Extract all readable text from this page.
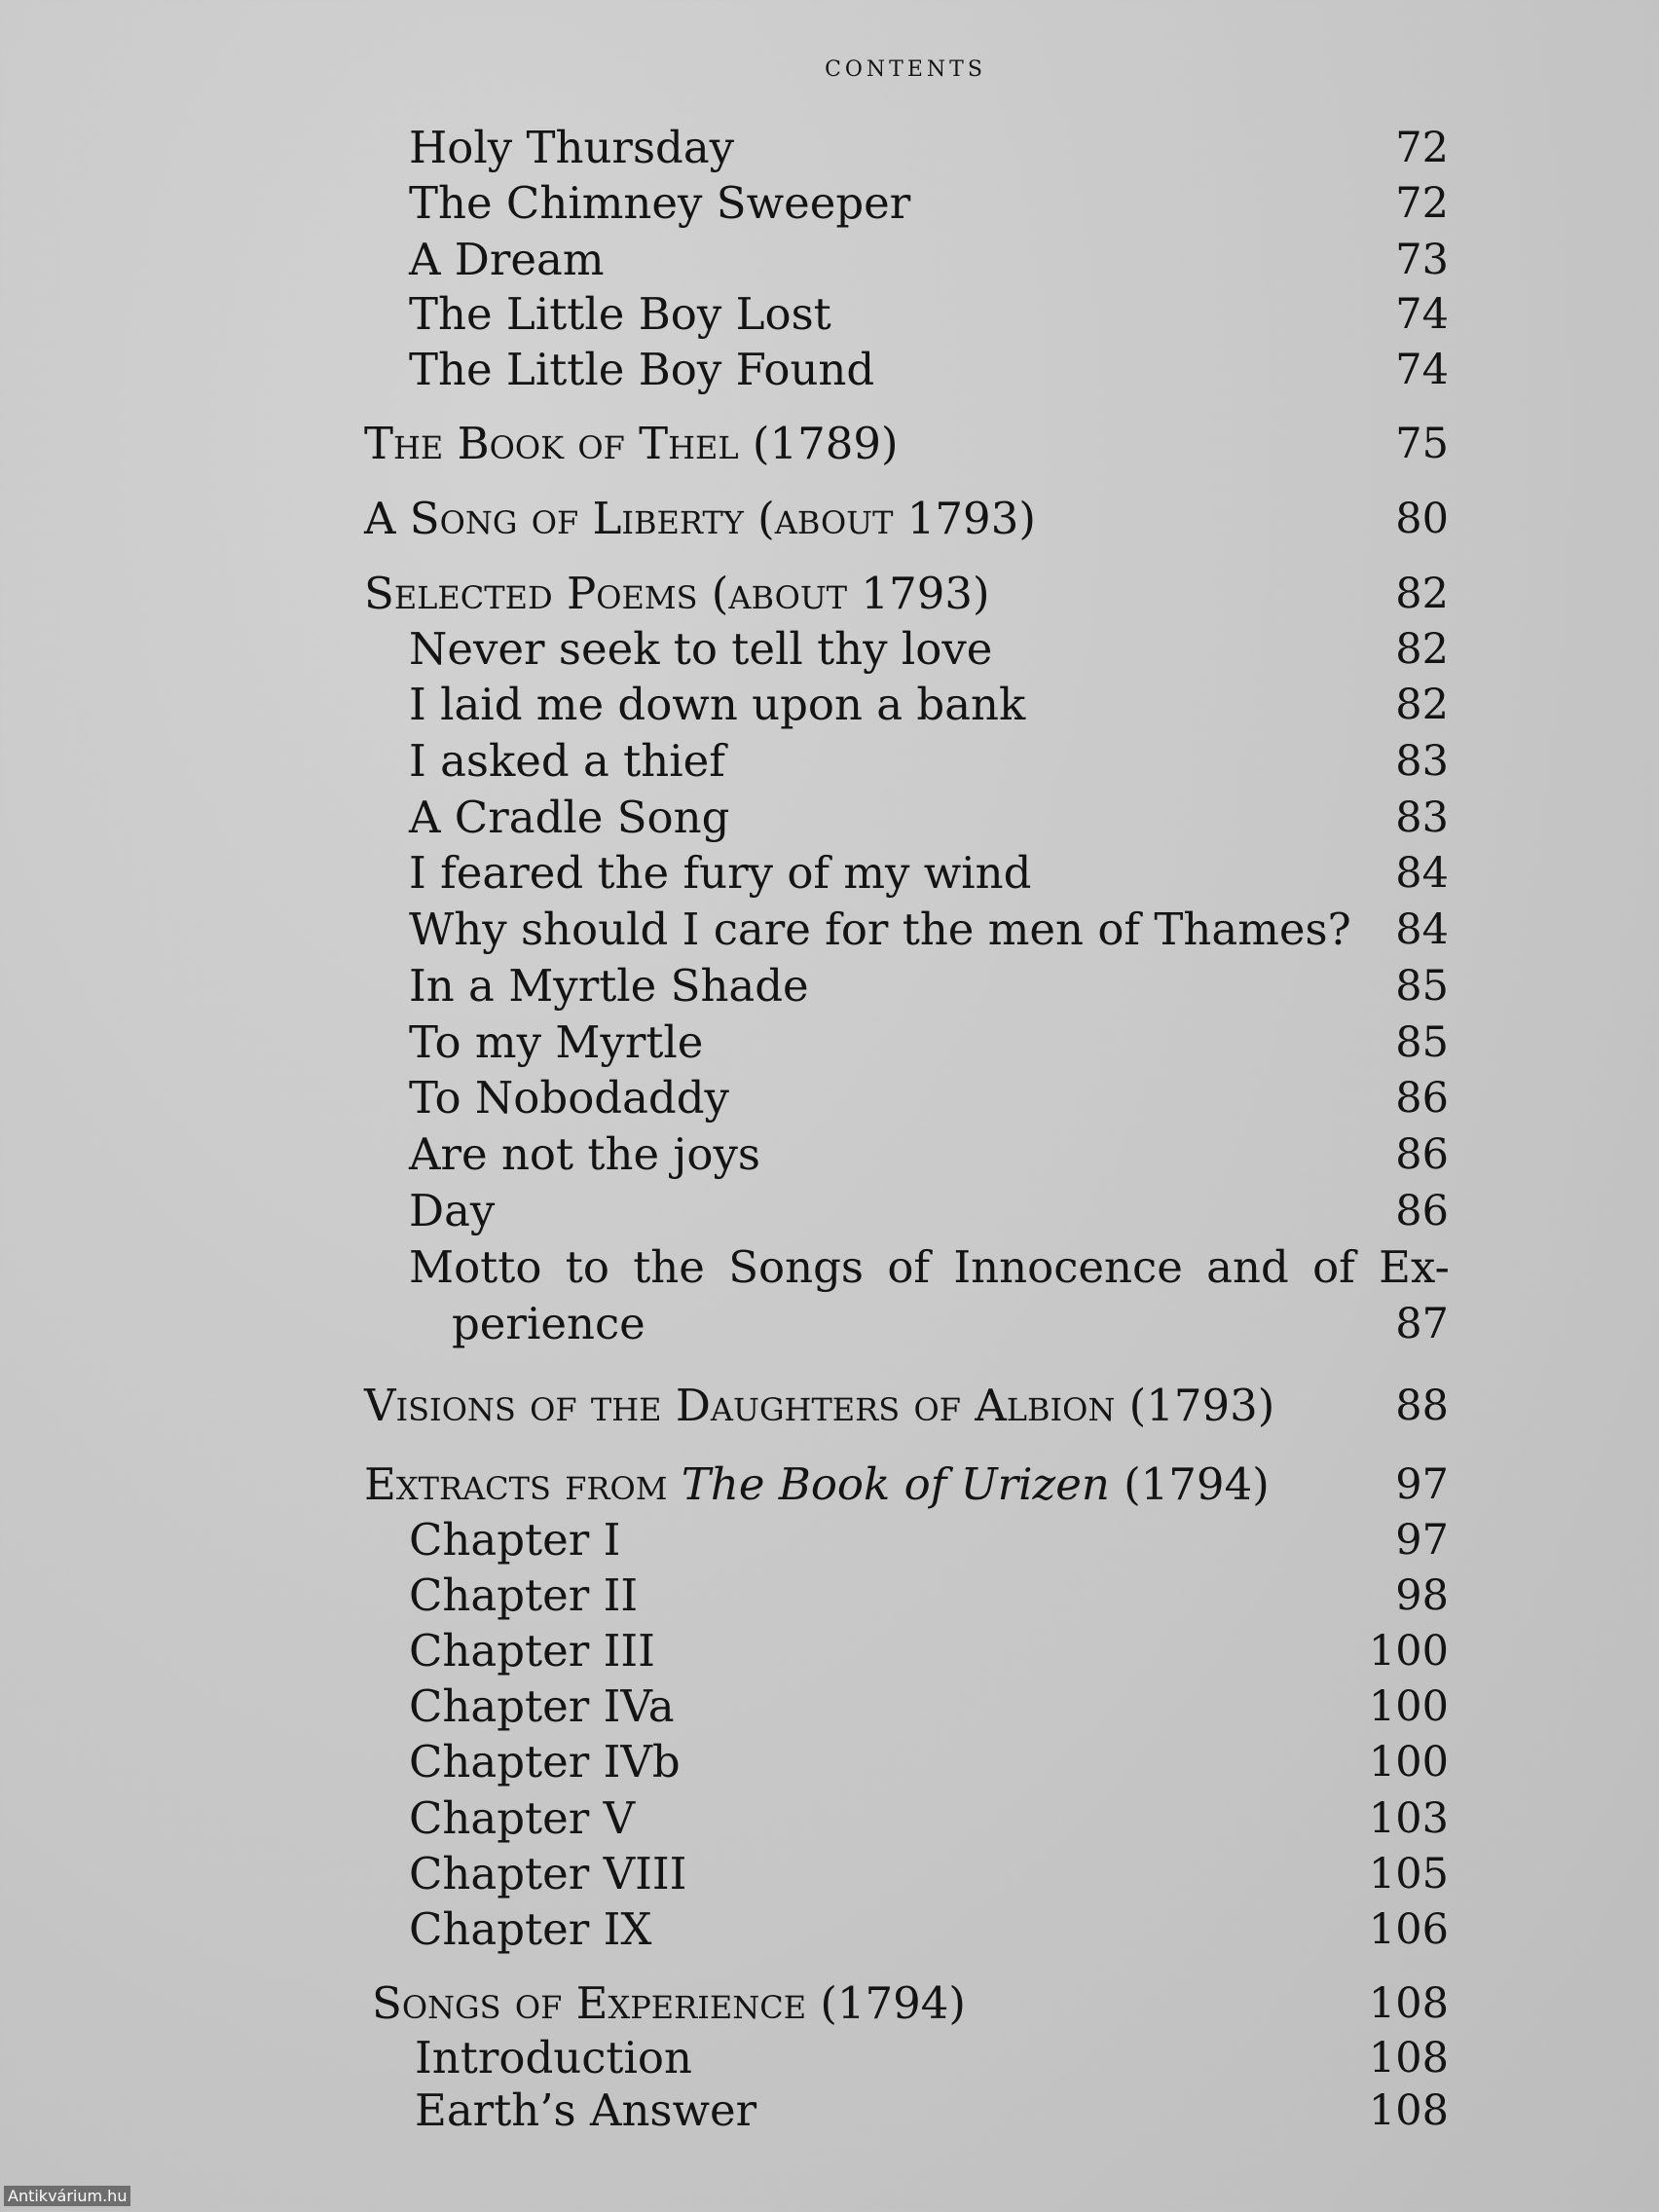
contents
Holy Thursday	72
The Chimney Sweeper	72
A Dream	73
The Little Boy Lost	74
The Little Boy Found	74
The Book of Thel (1789)	75
A Song of Liberty (about 1793)	80
Selected Poems (about 1793)	82
Never seek to tell thy love	82
I laid me down upon a bank	82
I asked a thief	83
A Cradle Song	83
I feared the fury of my wind	84
Why should I care for the men of Thames? 84
In a Myrtle Shade	85
To my Myrtle	85
To Nobodaddy	86
Are not the joys	86
Day	86
Motto to the Songs of Innocence and of Ex-
perience	87
Visions of the Daughters of Albion (1793)	88
Extracts from The Book of Urizen (1794)	97
Chapter I	97
Chapter II	98
Chapter III	100
Chapter IVa	100
Chapter IVb	100
Chapter V	103
Chapter VIII	105
Chapter IX	106
Songs of Experience (1794)	108
Introduction	108
Earth’s Answer	108
Antikvárium.hu
